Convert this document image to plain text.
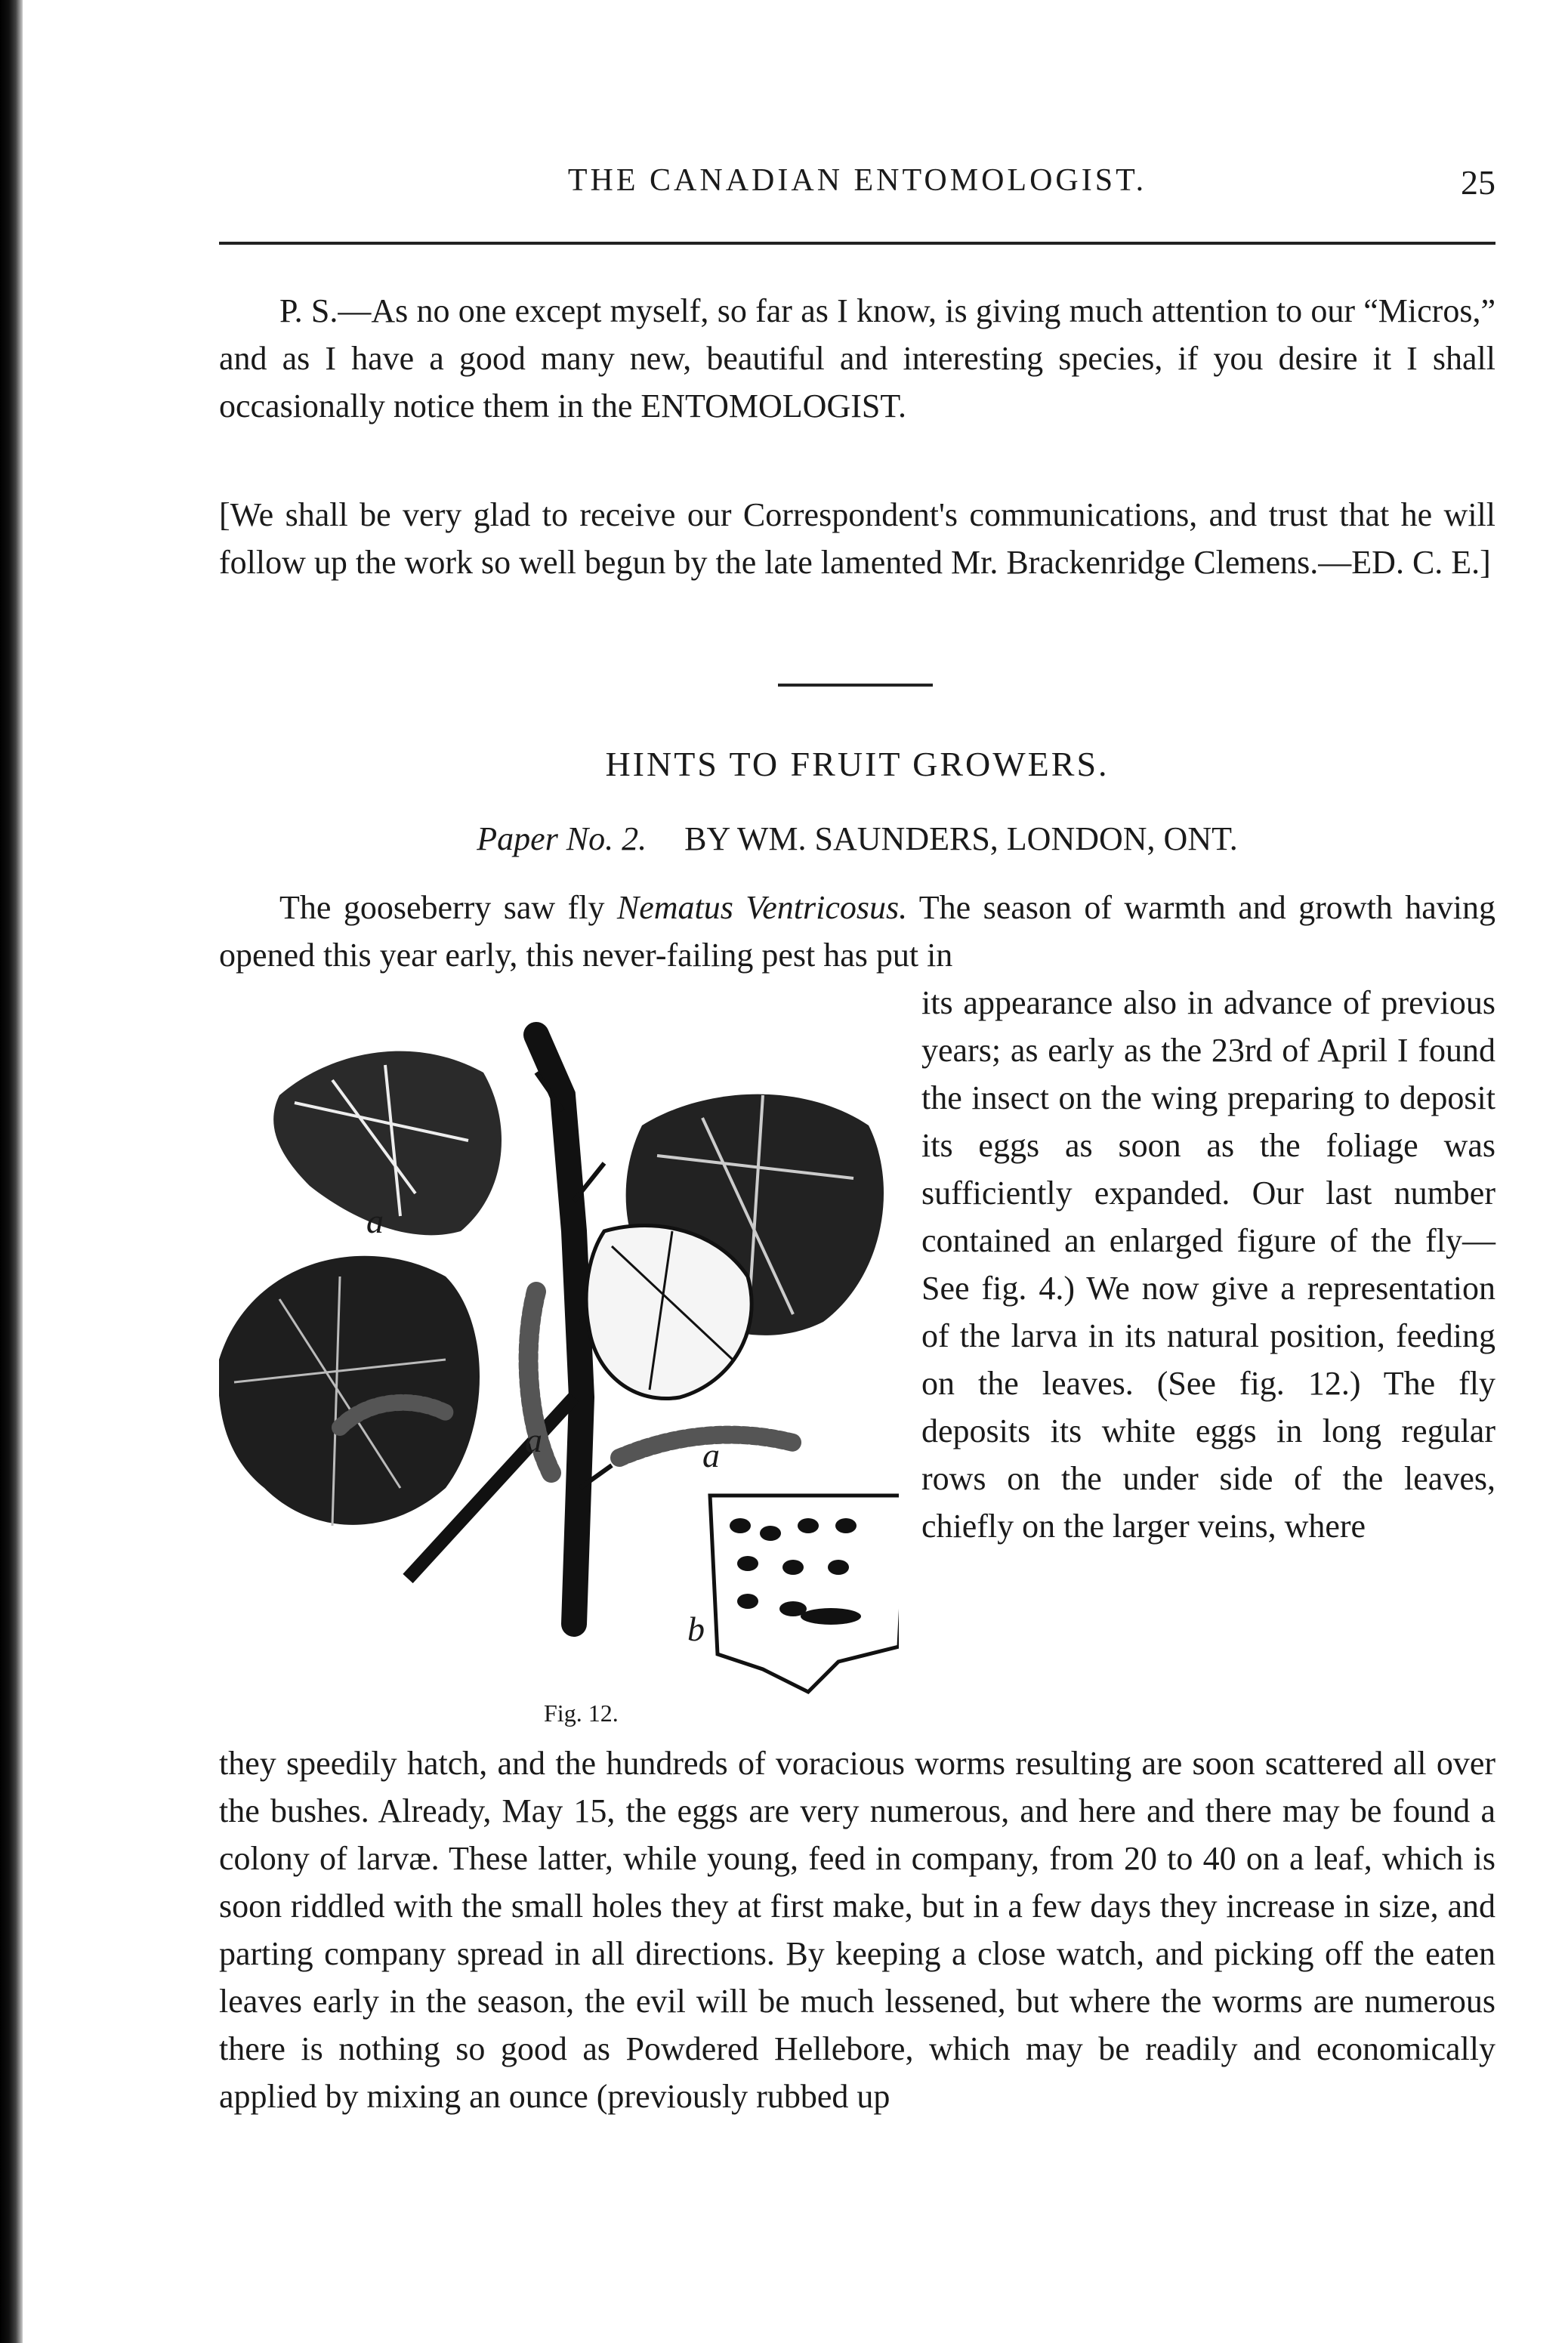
THE CANADIAN ENTOMOLOGIST.	25

P. S.—As no one except myself, so far as I know, is giving much attention to our “Micros,” and as I have a good many new, beautiful and interesting species, if you desire it I shall occasionally notice them in the ENTOMOLOGIST.

[We shall be very glad to receive our Correspondent's communications, and trust that he will follow up the work so well begun by the late lamented Mr. Brackenridge Clemens.—ED. C. E.]

HINTS TO FRUIT GROWERS.
Paper No. 2. BY WM. SAUNDERS, LONDON, ONT.

The gooseberry saw fly Nematus Ventricosus. The season of warmth and growth having opened this year early, this never-failing pest has put in

its appearance also in advance of previous years; as early as the 23rd of April I found the insect on the wing preparing to deposit its eggs as soon as the foliage was sufficiently expanded. Our last number contained an enlarged figure of the fly—See fig. 4.) We now give a representation of the larva in its natural position, feeding on the leaves. (See fig. 12.) The fly deposits its white eggs in long regular rows on the under side of the leaves, chiefly on the larger veins, where

a
a	a
b
Fig. 12.

they speedily hatch, and the hundreds of voracious worms resulting are soon scattered all over the bushes. Already, May 15, the eggs are very numerous, and here and there may be found a colony of larvæ. These latter, while young, feed in company, from 20 to 40 on a leaf, which is soon riddled with the small holes they at first make, but in a few days they increase in size, and parting company spread in all directions. By keeping a close watch, and picking off the eaten leaves early in the season, the evil will be much lessened, but where the worms are numerous there is nothing so good as Powdered Hellebore, which may be readily and economically applied by mixing an ounce (previously rubbed up
